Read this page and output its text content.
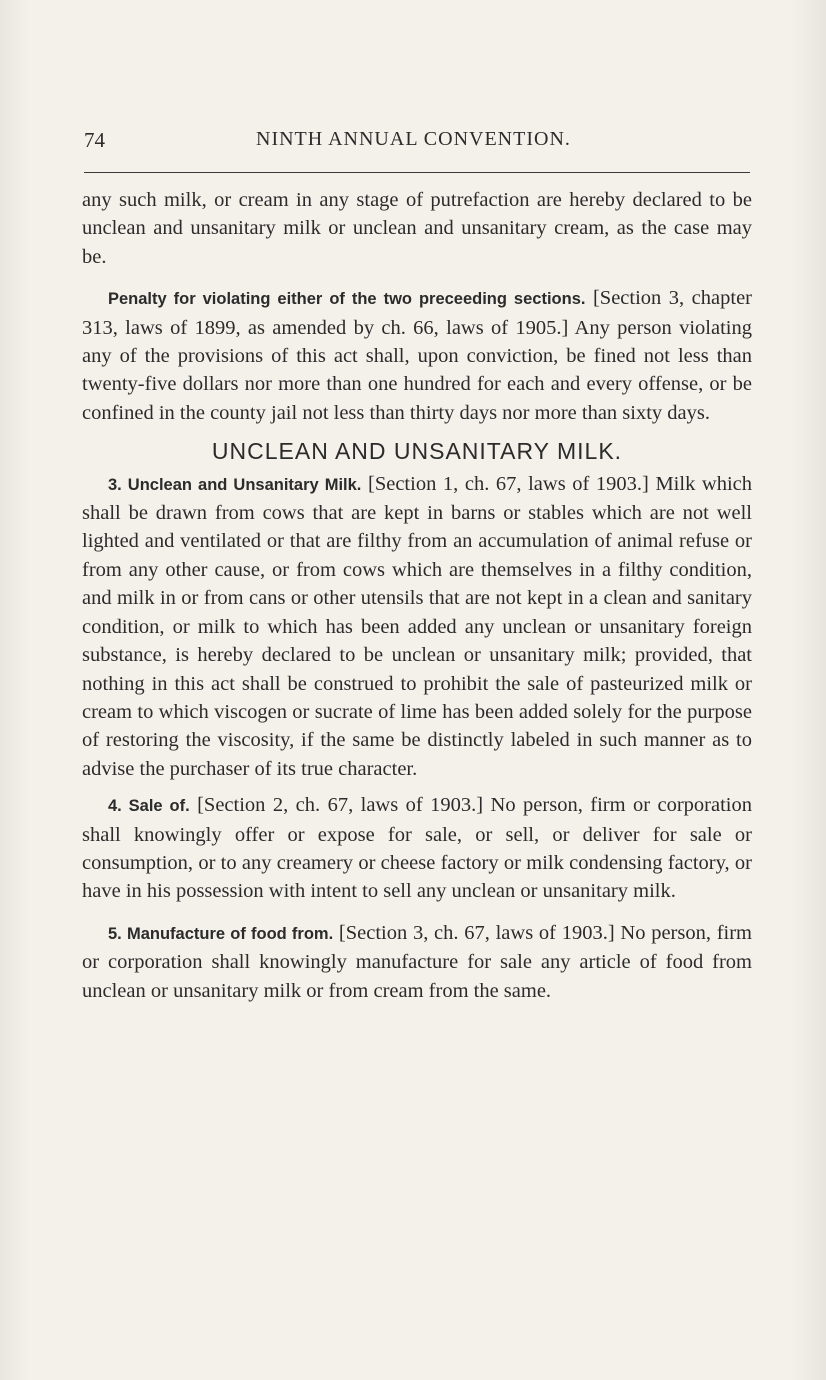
74	NINTH ANNUAL CONVENTION.

any such milk, or cream in any stage of putrefaction are hereby declared to be unclean and unsanitary milk or unclean and unsanitary cream, as the case may be.

Penalty for violating either of the two preceeding sections. [Section 3, chapter 313, laws of 1899, as amended by ch. 66, laws of 1905.] Any person violating any of the provisions of this act shall, upon conviction, be fined not less than twenty-five dollars nor more than one hundred for each and every offense, or be confined in the county jail not less than thirty days nor more than sixty days.

UNCLEAN AND UNSANITARY MILK.

3. Unclean and Unsanitary Milk. [Section 1, ch. 67, laws of 1903.] Milk which shall be drawn from cows that are kept in barns or stables which are not well lighted and ventilated or that are filthy from an accumulation of animal refuse or from any other cause, or from cows which are themselves in a filthy condition, and milk in or from cans or other utensils that are not kept in a clean and sanitary condition, or milk to which has been added any unclean or unsanitary foreign substance, is hereby declared to be unclean or unsanitary milk; provided, that nothing in this act shall be construed to prohibit the sale of pasteurized milk or cream to which viscogen or sucrate of lime has been added solely for the purpose of restoring the viscosity, if the same be distinctly labeled in such manner as to advise the purchaser of its true character.

4. Sale of. [Section 2, ch. 67, laws of 1903.] No person, firm or corporation shall knowingly offer or expose for sale, or sell, or deliver for sale or consumption, or to any creamery or cheese factory or milk condensing factory, or have in his possession with intent to sell any unclean or unsanitary milk.

5. Manufacture of food from. [Section 3, ch. 67, laws of 1903.] No person, firm or corporation shall knowingly manufacture for sale any article of food from unclean or unsanitary milk or from cream from the same.
